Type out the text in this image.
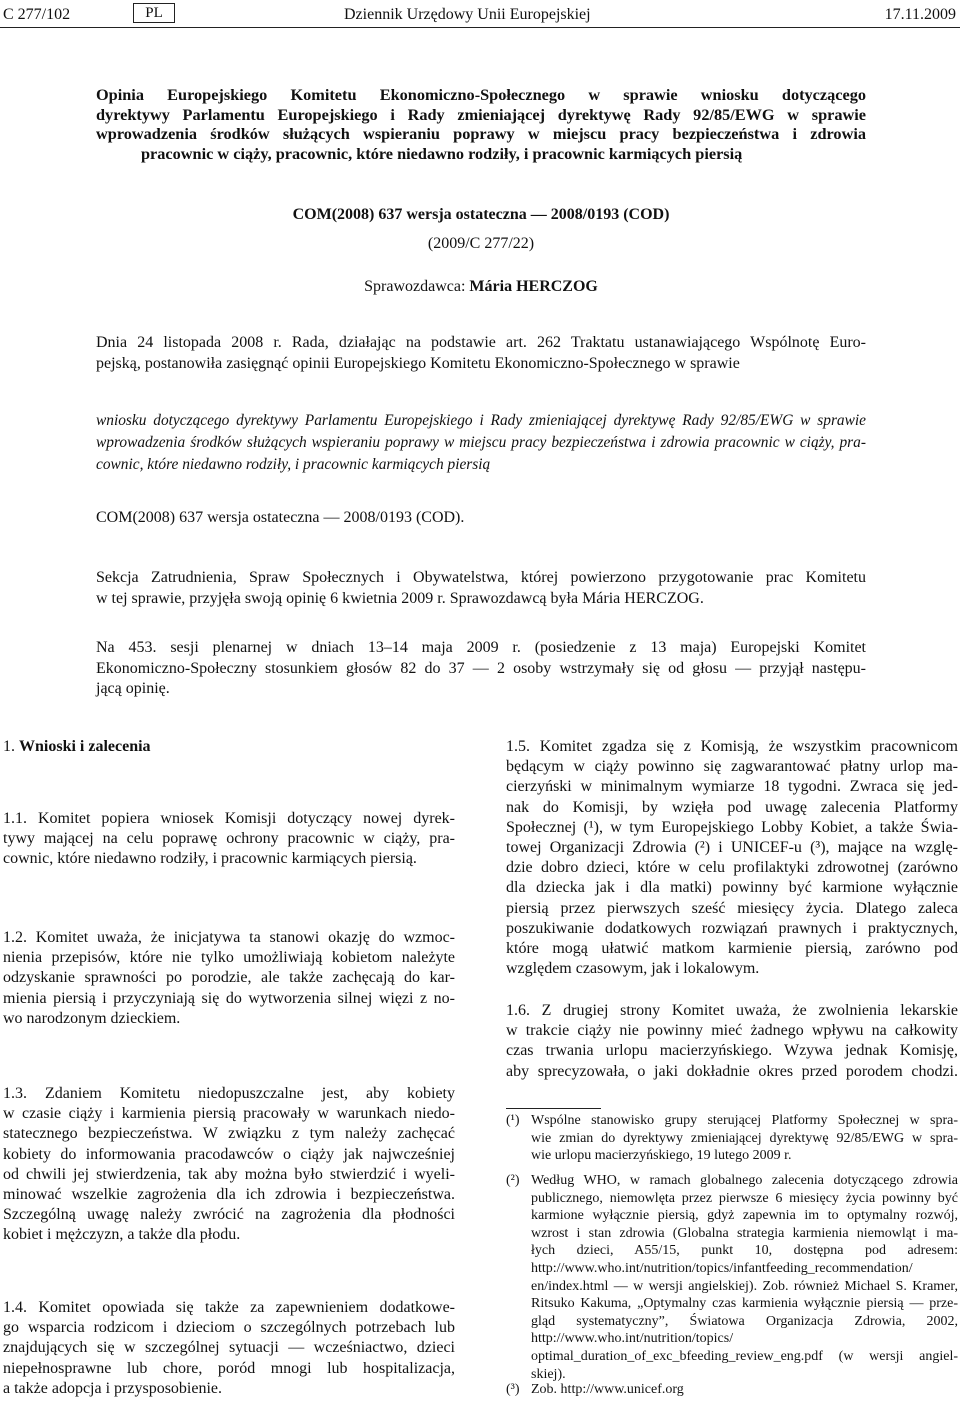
C 277/102	PL	Dziennik Urzędowy Unii Europejskiej	17.11.2009
Opinia Europejskiego Komitetu Ekonomiczno-Społecznego w sprawie wniosku dotyczącego
dyrektywy Parlamentu Europejskiego i Rady zmieniającej dyrektywę Rady 92/85/EWG w sprawie
wprowadzenia środków służących wspieraniu poprawy w miejscu pracy bezpieczeństwa i zdrowia
pracownic w ciąży, pracownic, które niedawno rodziły, i pracownic karmiących piersią
COM(2008) 637 wersja ostateczna — 2008/0193 (COD)
(2009/C 277/22)
Sprawozdawca: Mária HERCZOG
Dnia 24 listopada 2008 r. Rada, działając na podstawie art. 262 Traktatu ustanawiającego Wspólnotę Euro-
pejską, postanowiła zasięgnąć opinii Europejskiego Komitetu Ekonomiczno-Społecznego w sprawie
wniosku dotyczącego dyrektywy Parlamentu Europejskiego i Rady zmieniającej dyrektywę Rady 92/85/EWG w sprawie
wprowadzenia środków służących wspieraniu poprawy w miejscu pracy bezpieczeństwa i zdrowia pracownic w ciąży, pra-
cownic, które niedawno rodziły, i pracownic karmiących piersią
COM(2008) 637 wersja ostateczna — 2008/0193 (COD).
Sekcja Zatrudnienia, Spraw Społecznych i Obywatelstwa, której powierzono przygotowanie prac Komitetu
w tej sprawie, przyjęła swoją opinię 6 kwietnia 2009 r. Sprawozdawcą była Mária HERCZOG.
Na 453. sesji plenarnej w dniach 13–14 maja 2009 r. (posiedzenie z 13 maja) Europejski Komitet
Ekonomiczno-Społeczny stosunkiem głosów 82 do 37 — 2 osoby wstrzymały się od głosu — przyjął następu-
jącą opinię.
1. Wnioski i zalecenia
1.1. Komitet popiera wniosek Komisji dotyczący nowej dyrek-
tywy mającej na celu poprawę ochrony pracownic w ciąży, pra-
cownic, które niedawno rodziły, i pracownic karmiących piersią.
1.2. Komitet uważa, że inicjatywa ta stanowi okazję do wzmoc-
nienia przepisów, które nie tylko umożliwiają kobietom należyte
odzyskanie sprawności po porodzie, ale także zachęcają do kar-
mienia piersią i przyczyniają się do wytworzenia silnej więzi z no-
wo narodzonym dzieckiem.
1.3. Zdaniem Komitetu niedopuszczalne jest, aby kobiety
w czasie ciąży i karmienia piersią pracowały w warunkach niedo-
statecznego bezpieczeństwa. W związku z tym należy zachęcać
kobiety do informowania pracodawców o ciąży jak najwcześniej
od chwili jej stwierdzenia, tak aby można było stwierdzić i wyeli-
minować wszelkie zagrożenia dla ich zdrowia i bezpieczeństwa.
Szczególną uwagę należy zwrócić na zagrożenia dla płodności
kobiet i mężczyzn, a także dla płodu.
1.4. Komitet opowiada się także za zapewnieniem dodatkowe-
go wsparcia rodzicom i dzieciom o szczególnych potrzebach lub
znajdujących się w szczególnej sytuacji — wcześniactwo, dzieci
niepełnosprawne lub chore, poród mnogi lub hospitalizacja,
a także adopcja i przysposobienie.
1.5. Komitet zgadza się z Komisją, że wszystkim pracownicom
będącym w ciąży powinno się zagwarantować płatny urlop ma-
cierzyński w minimalnym wymiarze 18 tygodni. Zwraca się jed-
nak do Komisji, by wzięła pod uwagę zalecenia Platformy
Społecznej (¹), w tym Europejskiego Lobby Kobiet, a także Świa-
towej Organizacji Zdrowia (²) i UNICEF-u (³), mające na wzglę-
dzie dobro dzieci, które w celu profilaktyki zdrowotnej (zarówno
dla dziecka jak i dla matki) powinny być karmione wyłącznie
piersią przez pierwszych sześć miesięcy życia. Dlatego zaleca
poszukiwanie dodatkowych rozwiązań prawnych i praktycznych,
które mogą ułatwić matkom karmienie piersią, zarówno pod
względem czasowym, jak i lokalowym.
1.6. Z drugiej strony Komitet uważa, że zwolnienia lekarskie
w trakcie ciąży nie powinny mieć żadnego wpływu na całkowity
czas trwania urlopu macierzyńskiego. Wzywa jednak Komisję,
aby sprecyzowała, o jaki dokładnie okres przed porodem chodzi.
(¹) Wspólne stanowisko grupy sterującej Platformy Społecznej w spra-
wie zmian do dyrektywy zmieniającej dyrektywę 92/85/EWG w spra-
wie urlopu macierzyńskiego, 19 lutego 2009 r.
(²) Według WHO, w ramach globalnego zalecenia dotyczącego zdrowia
publicznego, niemowlęta przez pierwsze 6 miesięcy życia powinny być
karmione wyłącznie piersią, gdyż zapewnia im to optymalny rozwój,
wzrost i stan zdrowia (Globalna strategia karmienia niemowląt i ma-
łych dzieci, A55/15, punkt 10, dostępna pod adresem:
http://www.who.int/nutrition/topics/infantfeeding_recommendation/
en/index.html — w wersji angielskiej). Zob. również Michael S. Kramer,
Ritsuko Kakuma, „Optymalny czas karmienia wyłącznie piersią — prze-
gląd systematyczny”, Światowa Organizacja Zdrowia, 2002,
http://www.who.int/nutrition/topics/
optimal_duration_of_exc_bfeeding_review_eng.pdf (w wersji angiel-
skiej).
(³) Zob. http://www.unicef.org
